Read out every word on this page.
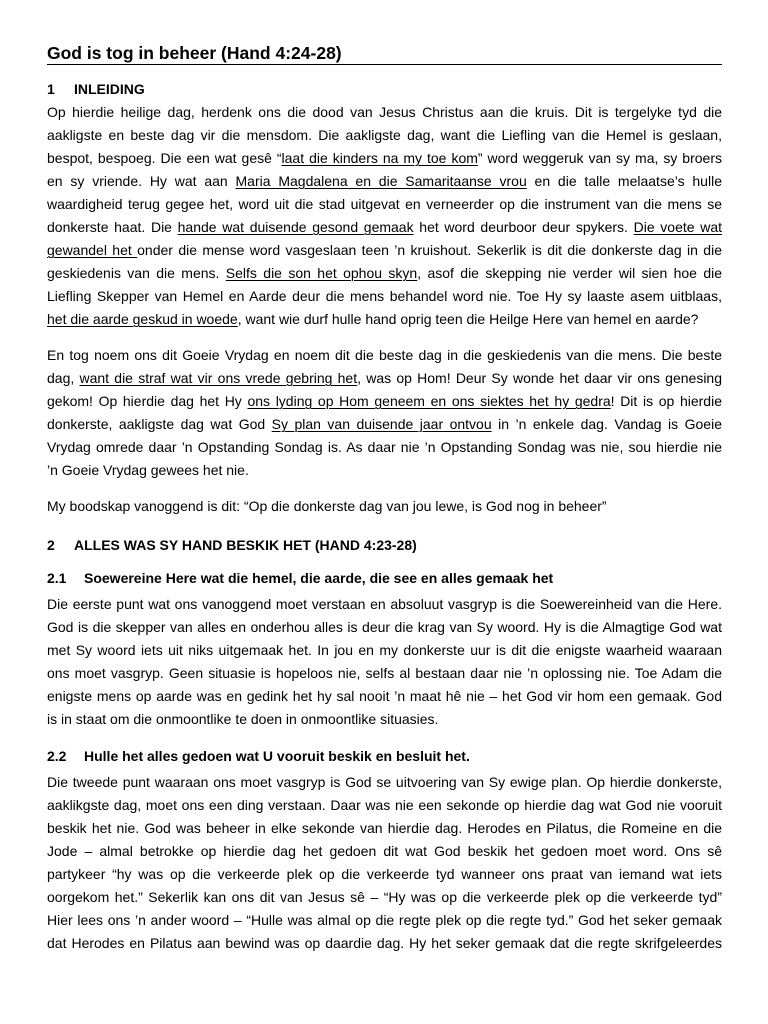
God is tog in beheer (Hand 4:24-28)
1	INLEIDING
Op hierdie heilige dag, herdenk ons die dood van Jesus Christus aan die kruis. Dit is tergelyke tyd die
aakligste en beste dag vir die mensdom. Die aakligste dag, want die Liefling van die Hemel is geslaan,
bespot, bespoeg. Die een wat gesê “laat die kinders na my toe kom” word weggeruk van sy ma, sy broers
en sy vriende. Hy wat aan Maria Magdalena en die Samaritaanse vrou en die talle melaatse’s hulle
waardigheid terug gegee het, word uit die stad uitgevat en verneerder op die instrument van die mens se
donkerste haat. Die hande wat duisende gesond gemaak het word deurboor deur spykers. Die voete wat
gewandel het onder die mense word vasgeslaan teen ’n kruishout. Sekerlik is dit die donkerste dag in die
geskiedenis van die mens. Selfs die son het ophou skyn, asof die skepping nie verder wil sien hoe die
Liefling Skepper van Hemel en Aarde deur die mens behandel word nie. Toe Hy sy laaste asem uitblaas,
het die aarde geskud in woede, want wie durf hulle hand oprig teen die Heilge Here van hemel en aarde?
En tog noem ons dit Goeie Vrydag en noem dit die beste dag in die geskiedenis van die mens. Die beste
dag, want die straf wat vir ons vrede gebring het, was op Hom! Deur Sy wonde het daar vir ons genesing
gekom! Op hierdie dag het Hy ons lyding op Hom geneem en ons siektes het hy gedra! Dit is op hierdie
donkerste, aakligste dag wat God Sy plan van duisende jaar ontvou in ’n enkele dag. Vandag is Goeie
Vrydag omrede daar ’n Opstanding Sondag is. As daar nie ’n Opstanding Sondag was nie, sou hierdie nie
’n Goeie Vrydag gewees het nie.
My boodskap vanoggend is dit: “Op die donkerste dag van jou lewe, is God nog in beheer”
2	ALLES WAS SY HAND BESKIK HET (HAND 4:23-28)
2.1	Soewereine Here wat die hemel, die aarde, die see en alles gemaak het
Die eerste punt wat ons vanoggend moet verstaan en absoluut vasgryp is die Soewereinheid van die Here.
God is die skepper van alles en onderhou alles is deur die krag van Sy woord. Hy is die Almagtige God wat
met Sy woord iets uit niks uitgemaak het. In jou en my donkerste uur is dit die enigste waarheid waaraan
ons moet vasgryp. Geen situasie is hopeloos nie, selfs al bestaan daar nie ’n oplossing nie. Toe Adam die
enigste mens op aarde was en gedink het hy sal nooit ’n maat hê nie – het God vir hom een gemaak. God
is in staat om die onmoontlike te doen in onmoontlike situasies.
2.2	Hulle het alles gedoen wat U vooruit beskik en besluit het.
Die tweede punt waaraan ons moet vasgryp is God se uitvoering van Sy ewige plan. Op hierdie donkerste,
aaklikgste dag, moet ons een ding verstaan. Daar was nie een sekonde op hierdie dag wat God nie vooruit
beskik het nie. God was beheer in elke sekonde van hierdie dag. Herodes en Pilatus, die Romeine en die
Jode – almal betrokke op hierdie dag het gedoen dit wat God beskik het gedoen moet word. Ons sê
partykeer “hy was op die verkeerde plek op die verkeerde tyd wanneer ons praat van iemand wat iets
oorgekom het.” Sekerlik kan ons dit van Jesus sê – “Hy was op die verkeerde plek op die verkeerde tyd”
Hier lees ons ’n ander woord – “Hulle was almal op die regte plek op die regte tyd.” God het seker gemaak
dat Herodes en Pilatus aan bewind was op daardie dag. Hy het seker gemaak dat die regte skrifgeleerdes
